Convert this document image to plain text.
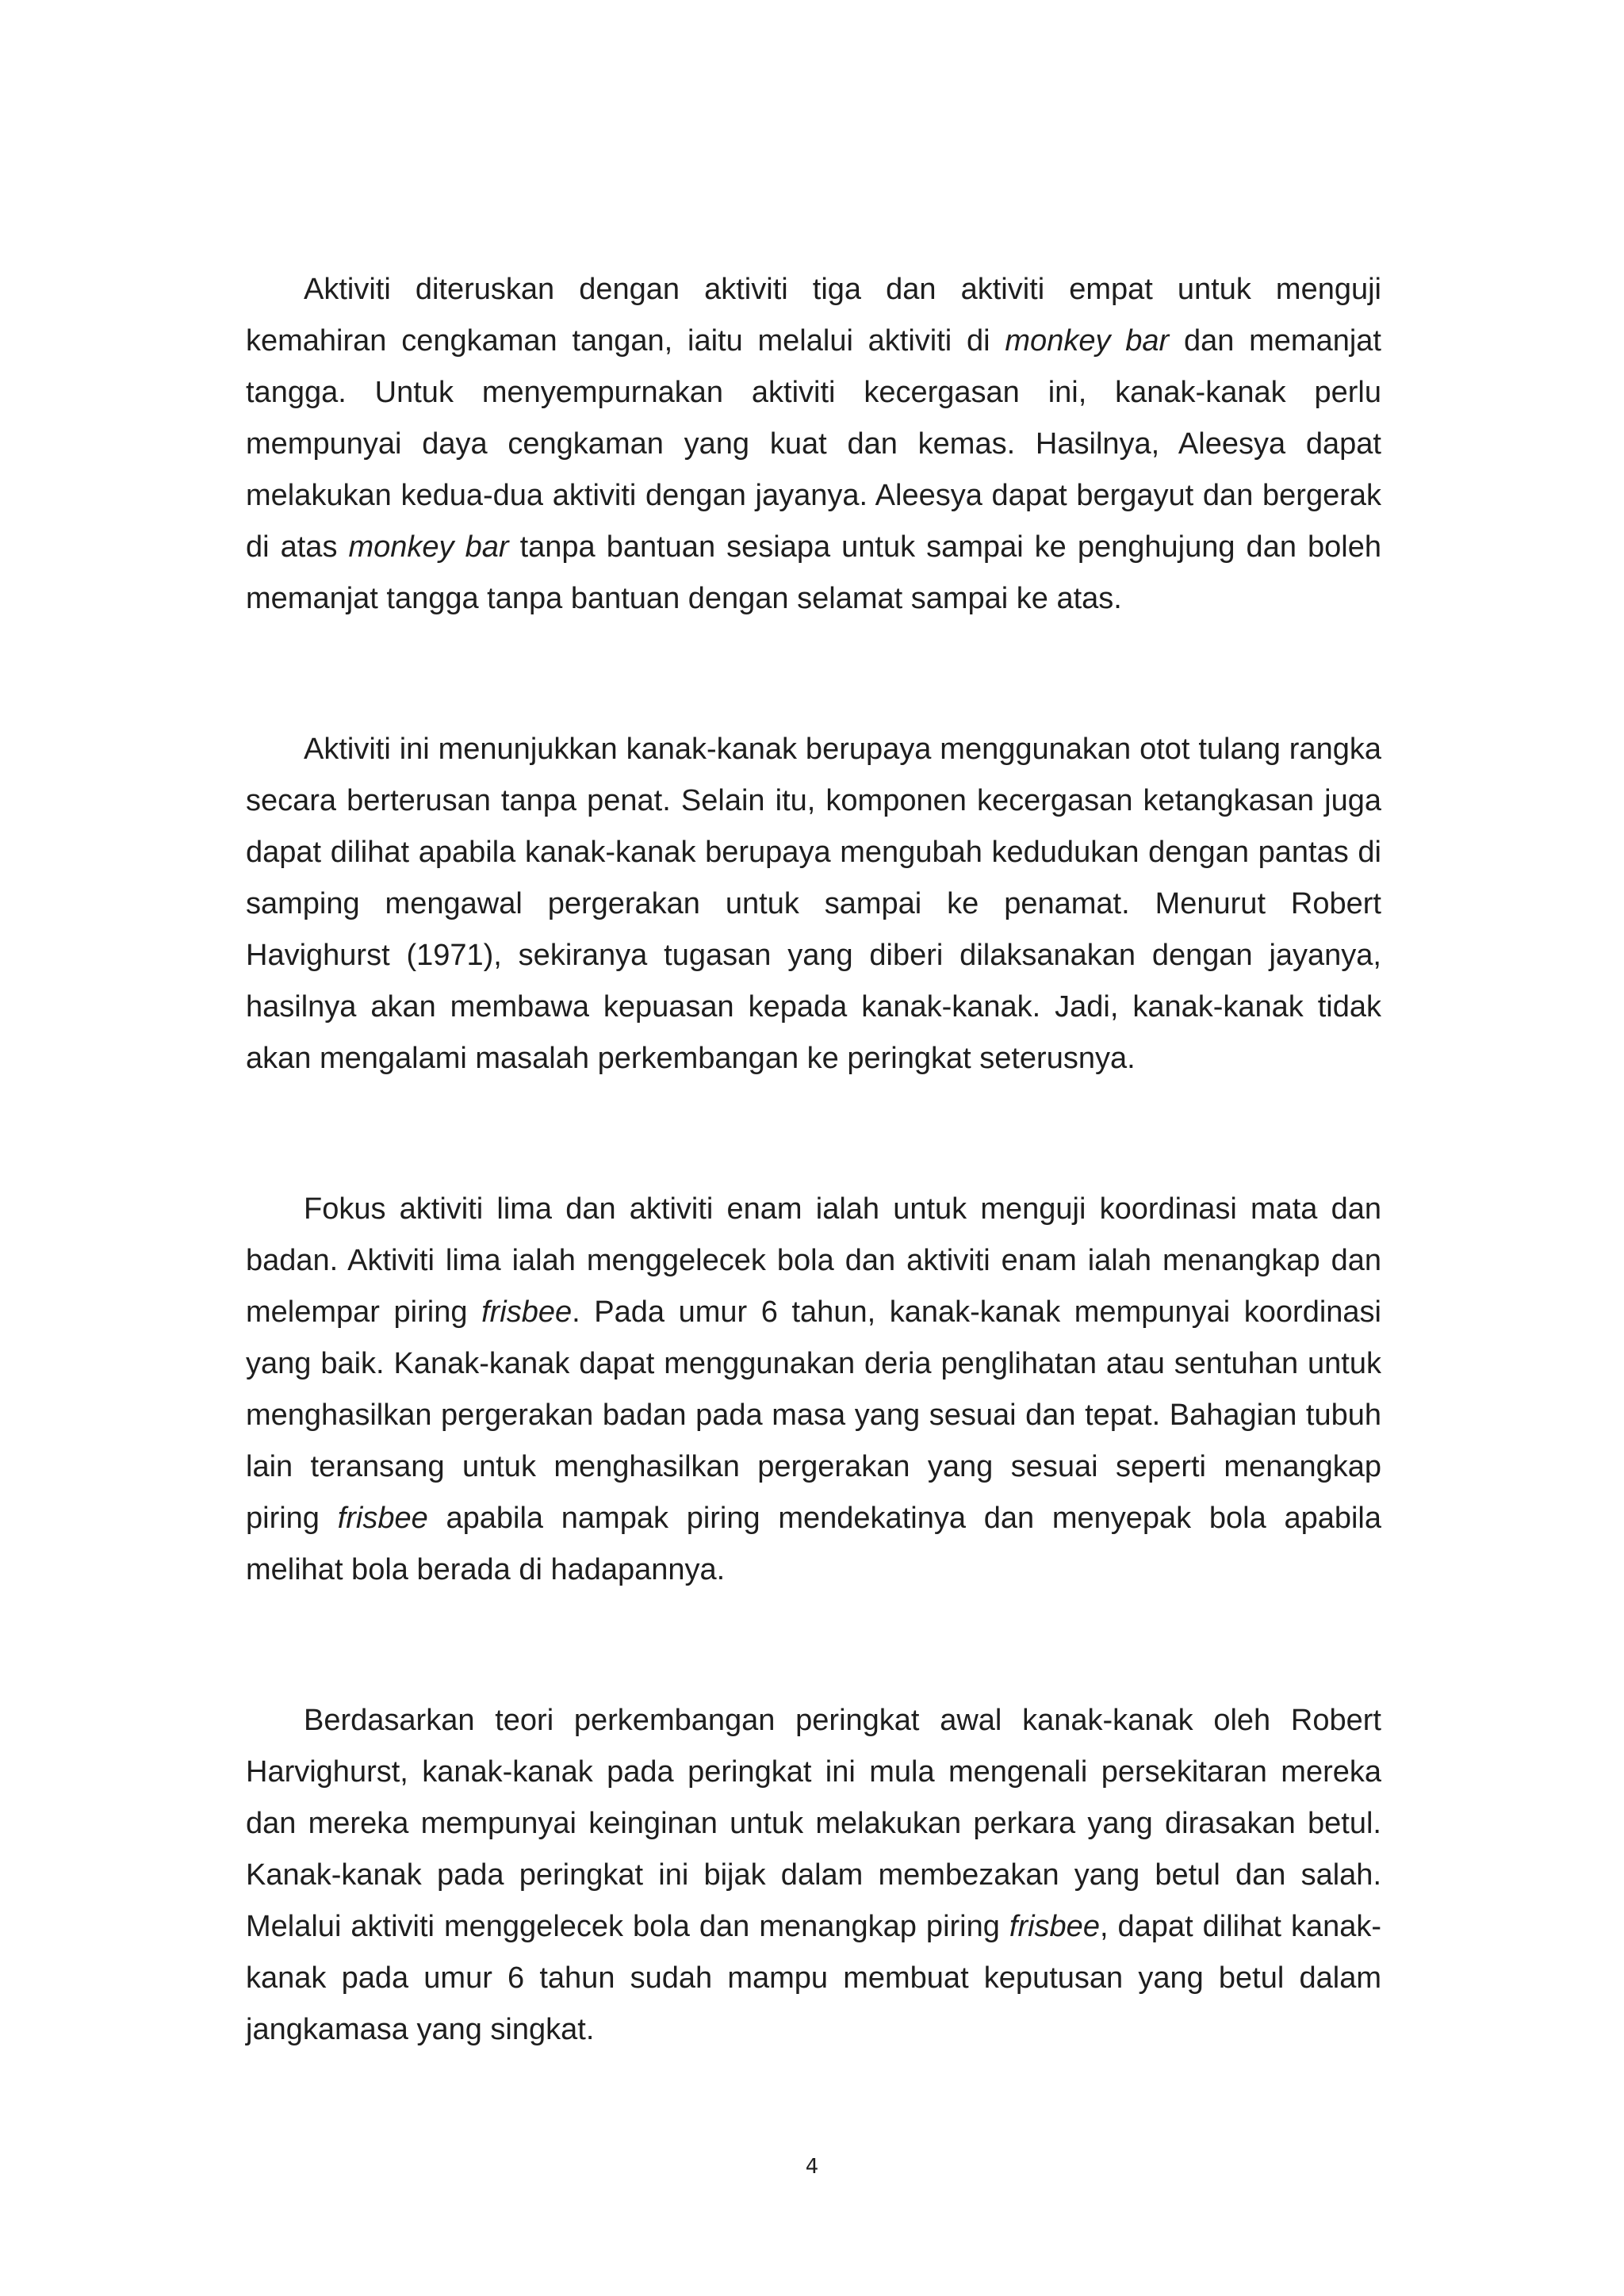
Aktiviti diteruskan dengan aktiviti tiga dan aktiviti empat untuk menguji kemahiran cengkaman tangan, iaitu melalui aktiviti di monkey bar dan memanjat tangga. Untuk menyempurnakan aktiviti kecergasan ini, kanak-kanak perlu mempunyai daya cengkaman yang kuat dan kemas. Hasilnya, Aleesya dapat melakukan kedua-dua aktiviti dengan jayanya. Aleesya dapat bergayut dan bergerak di atas monkey bar tanpa bantuan sesiapa untuk sampai ke penghujung dan boleh memanjat tangga tanpa bantuan dengan selamat sampai ke atas.

Aktiviti ini menunjukkan kanak-kanak berupaya menggunakan otot tulang rangka secara berterusan tanpa penat. Selain itu, komponen kecergasan ketangkasan juga dapat dilihat apabila kanak-kanak berupaya mengubah kedudukan dengan pantas di samping mengawal pergerakan untuk sampai ke penamat. Menurut Robert Havighurst (1971), sekiranya tugasan yang diberi dilaksanakan dengan jayanya, hasilnya akan membawa kepuasan kepada kanak-kanak. Jadi, kanak-kanak tidak akan mengalami masalah perkembangan ke peringkat seterusnya.

Fokus aktiviti lima dan aktiviti enam ialah untuk menguji koordinasi mata dan badan. Aktiviti lima ialah menggelecek bola dan aktiviti enam ialah menangkap dan melempar piring frisbee. Pada umur 6 tahun, kanak-kanak mempunyai koordinasi yang baik. Kanak-kanak dapat menggunakan deria penglihatan atau sentuhan untuk menghasilkan pergerakan badan pada masa yang sesuai dan tepat. Bahagian tubuh lain teransang untuk menghasilkan pergerakan yang sesuai seperti menangkap piring frisbee apabila nampak piring mendekatinya dan menyepak bola apabila melihat bola berada di hadapannya.

Berdasarkan teori perkembangan peringkat awal kanak-kanak oleh Robert Harvighurst, kanak-kanak pada peringkat ini mula mengenali persekitaran mereka dan mereka mempunyai keinginan untuk melakukan perkara yang dirasakan betul. Kanak-kanak pada peringkat ini bijak dalam membezakan yang betul dan salah. Melalui aktiviti menggelecek bola dan menangkap piring frisbee, dapat dilihat kanak-kanak pada umur 6 tahun sudah mampu membuat keputusan yang betul dalam jangkamasa yang singkat.

4
